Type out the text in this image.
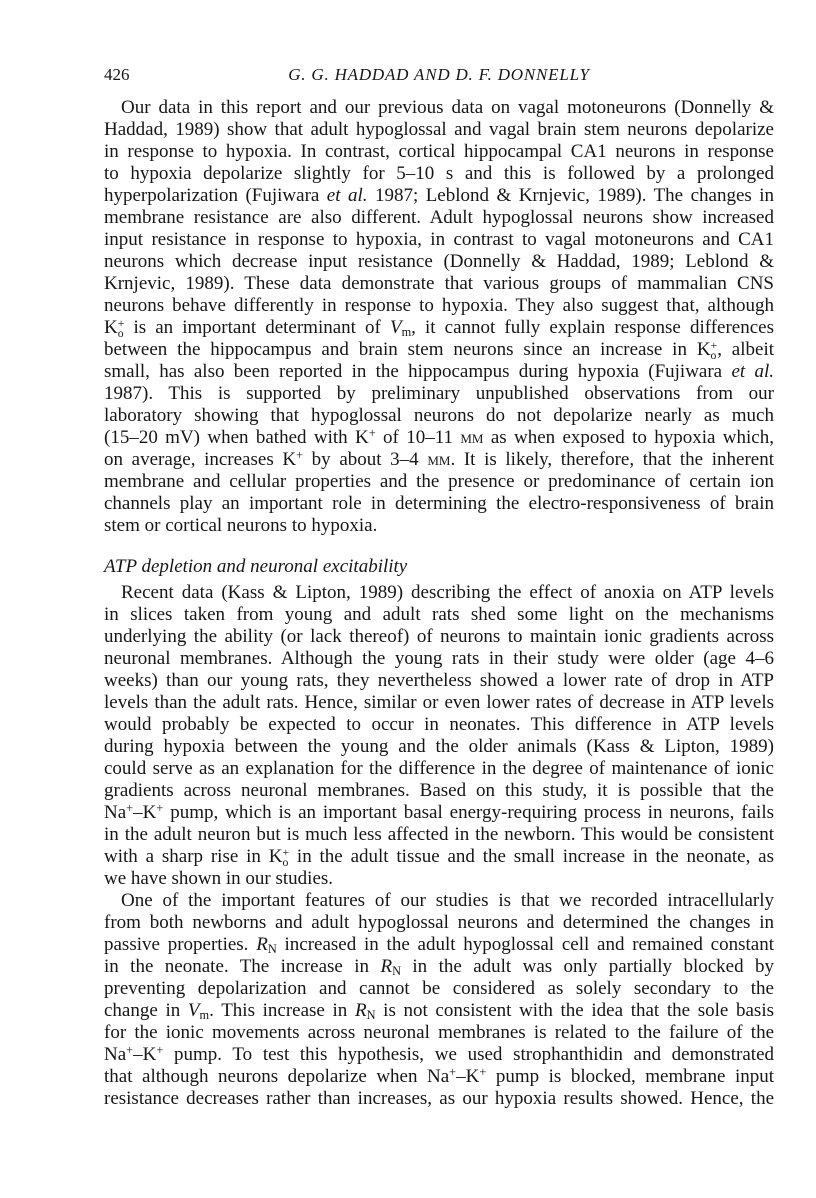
426	G. G. HADDAD AND D. F. DONNELLY
Our data in this report and our previous data on vagal motoneurons (Donnelly &
Haddad, 1989) show that adult hypoglossal and vagal brain stem neurons depolarize
in response to hypoxia. In contrast, cortical hippocampal CA1 neurons in response
to hypoxia depolarize slightly for 5–10 s and this is followed by a prolonged
hyperpolarization (Fujiwara et al. 1987; Leblond & Krnjevic, 1989). The changes in
membrane resistance are also different. Adult hypoglossal neurons show increased
input resistance in response to hypoxia, in contrast to vagal motoneurons and CA1
neurons which decrease input resistance (Donnelly & Haddad, 1989; Leblond &
Krnjevic, 1989). These data demonstrate that various groups of mammalian CNS
neurons behave differently in response to hypoxia. They also suggest that, although
K +
o is an important determinant of $V_m$, it cannot fully explain response differences
between the hippocampus and brain stem neurons since an increase in K +
o , albeit
small, has also been reported in the hippocampus during hypoxia (Fujiwara et al.
1987). This is supported by preliminary unpublished observations from our
laboratory showing that hypoglossal neurons do not depolarize nearly as much
(15–20 mV) when bathed with K+ of 10–11 mm as when exposed to hypoxia which,
on average, increases K+ by about 3–4 mm. It is likely, therefore, that the inherent
membrane and cellular properties and the presence or predominance of certain ion
channels play an important role in determining the electro-responsiveness of brain
stem or cortical neurons to hypoxia.
ATP depletion and neuronal excitability
Recent data (Kass & Lipton, 1989) describing the effect of anoxia on ATP levels
in slices taken from young and adult rats shed some light on the mechanisms
underlying the ability (or lack thereof) of neurons to maintain ionic gradients across
neuronal membranes. Although the young rats in their study were older (age 4–6
weeks) than our young rats, they nevertheless showed a lower rate of drop in ATP
levels than the adult rats. Hence, similar or even lower rates of decrease in ATP levels
would probably be expected to occur in neonates. This difference in ATP levels
during hypoxia between the young and the older animals (Kass & Lipton, 1989)
could serve as an explanation for the difference in the degree of maintenance of ionic
gradients across neuronal membranes. Based on this study, it is possible that the
Na+–K+ pump, which is an important basal energy-requiring process in neurons, fails
in the adult neuron but is much less affected in the newborn. This would be consistent
with a sharp rise in K +
o in the adult tissue and the small increase in the neonate, as
we have shown in our studies.
One of the important features of our studies is that we recorded intracellularly
from both newborns and adult hypoglossal neurons and determined the changes in
passive properties. $R_N$ increased in the adult hypoglossal cell and remained constant
in the neonate. The increase in $R_N$ in the adult was only partially blocked by
preventing depolarization and cannot be considered as solely secondary to the
change in $V_m$. This increase in $R_N$ is not consistent with the idea that the sole basis
for the ionic movements across neuronal membranes is related to the failure of the
Na+–K+ pump. To test this hypothesis, we used strophanthidin and demonstrated
that although neurons depolarize when Na+–K+ pump is blocked, membrane input
resistance decreases rather than increases, as our hypoxia results showed. Hence, the
